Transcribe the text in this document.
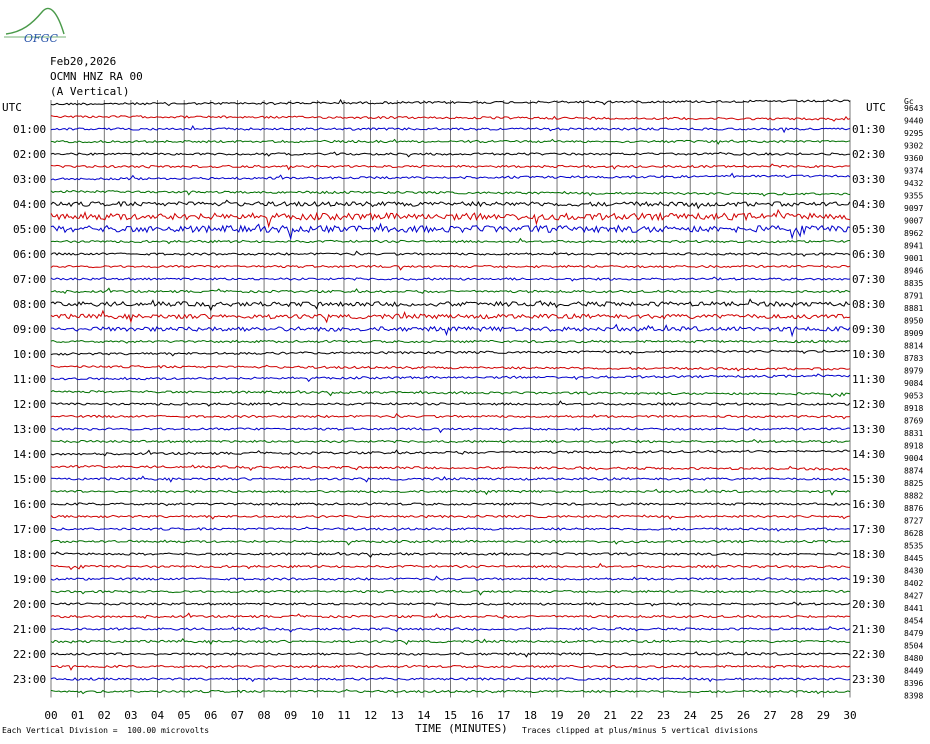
OFGC
Feb20,2026
OCMN HNZ RA 00
(A Vertical)
UTC	UTC Gc
00 01 02 03 04 05 06 07 08 09 10 11 12 13 14 15 16 17 18 19 20 21 22 23 24 25 26 27 28 29 30
9643
9440
9295
9302
9360
9374
9432
9355
9097
9007
8962
8941
9001
8946
8835
8791
8881
8950
8909
8814
8783
8979
9084
9053
8918
8769
8831
8918
9004
8874
8825
8882
8876
8727
8628
8535
8445
8430
8402
8427
8441
8454
8479
8504
8480
8449
8396
8398
01:00
02:00
03:00
04:00
05:00
06:00
07:00
08:00
09:00
10:00
11:00
12:00
13:00
14:00
15:00
16:00
17:00
18:00
19:00
20:00
21:00
22:00
23:00
01:30
02:30
03:30
04:30
05:30
06:30
07:30
08:30
09:30
10:30
11:30
12:30
13:30
14:30
15:30
16:30
17:30
18:30
19:30
20:30
21:30
22:30
23:30
Each Vertical Division =  100.00 microvolts	TIME (MINUTES) Traces clipped at plus/minus 5 vertical divisions
